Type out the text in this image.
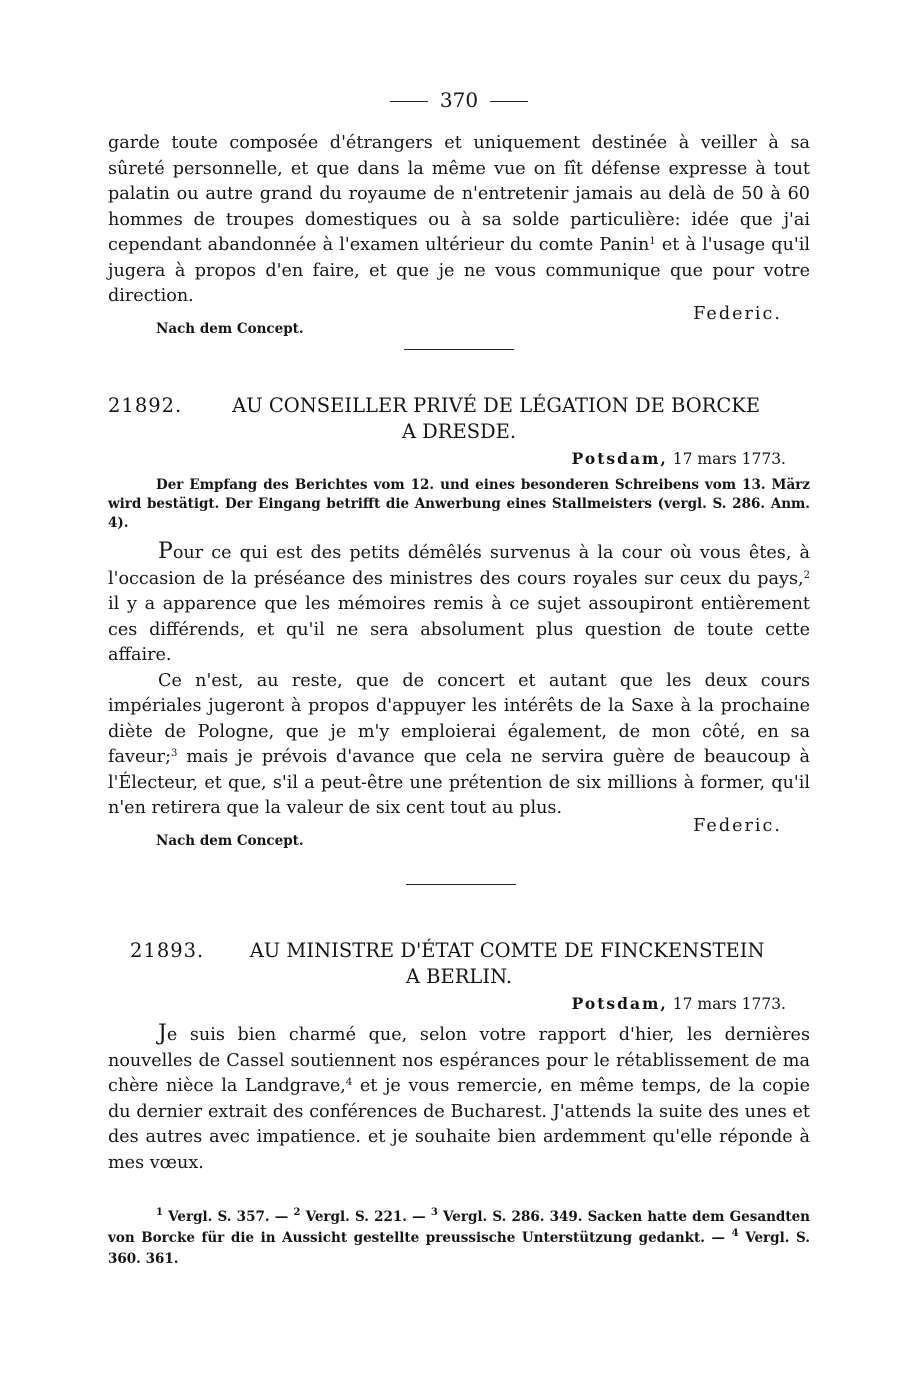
370

garde toute composée d'étrangers et uniquement destinée à veiller à sa sûreté personnelle, et que dans la même vue on fît défense expresse à tout palatin ou autre grand du royaume de n'entretenir jamais au delà de 50 à 60 hommes de troupes domestiques ou à sa solde particulière: idée que j'ai cependant abandonnée à l'examen ultérieur du comte Panin$^1$ et à l'usage qu'il jugera à propos d'en faire, et que je ne vous communique que pour votre direction.

Federic.
Nach dem Concept.
21892.	AU CONSEILLER PRIVÉ DE LÉGATION DE BORCKE
A DRESDE.
Potsdam, 17 mars 1773.
Der Empfang des Berichtes vom 12. und eines besonderen Schreibens vom 13. März wird bestätigt. Der Eingang betrifft die Anwerbung eines Stallmeisters (vergl. S. 286. Anm. 4).

Pour ce qui est des petits démêlés survenus à la cour où vous êtes, à l'occasion de la préséance des ministres des cours royales sur ceux du pays,$^2$ il y a apparence que les mémoires remis à ce sujet assoupiront entièrement ces différends, et qu'il ne sera absolument plus question de toute cette affaire.

Ce n'est, au reste, que de concert et autant que les deux cours impériales jugeront à propos d'appuyer les intérêts de la Saxe à la prochaine diète de Pologne, que je m'y emploierai également, de mon côté, en sa faveur;$^3$ mais je prévois d'avance que cela ne servira guère de beaucoup à l'Électeur, et que, s'il a peut-être une prétention de six millions à former, qu'il n'en retirera que la valeur de six cent tout au plus.

Federic.
Nach dem Concept.
21893. AU MINISTRE D'ÉTAT COMTE DE FINCKENSTEIN
A BERLIN.
Potsdam, 17 mars 1773.

Je suis bien charmé que, selon votre rapport d'hier, les dernières nouvelles de Cassel soutiennent nos espérances pour le rétablissement de ma chère nièce la Landgrave,$^4$ et je vous remercie, en même temps, de la copie du dernier extrait des conférences de Bucharest. J'attends la suite des unes et des autres avec impatience. et je souhaite bien ardemment qu'elle réponde à mes vœux.

$^1$ Vergl. S. 357. — $^2$ Vergl. S. 221. — $^3$ Vergl. S. 286. 349. Sacken hatte dem Gesandten von Borcke für die in Aussicht gestellte preussische Unterstützung gedankt. — $^4$ Vergl. S. 360. 361.
